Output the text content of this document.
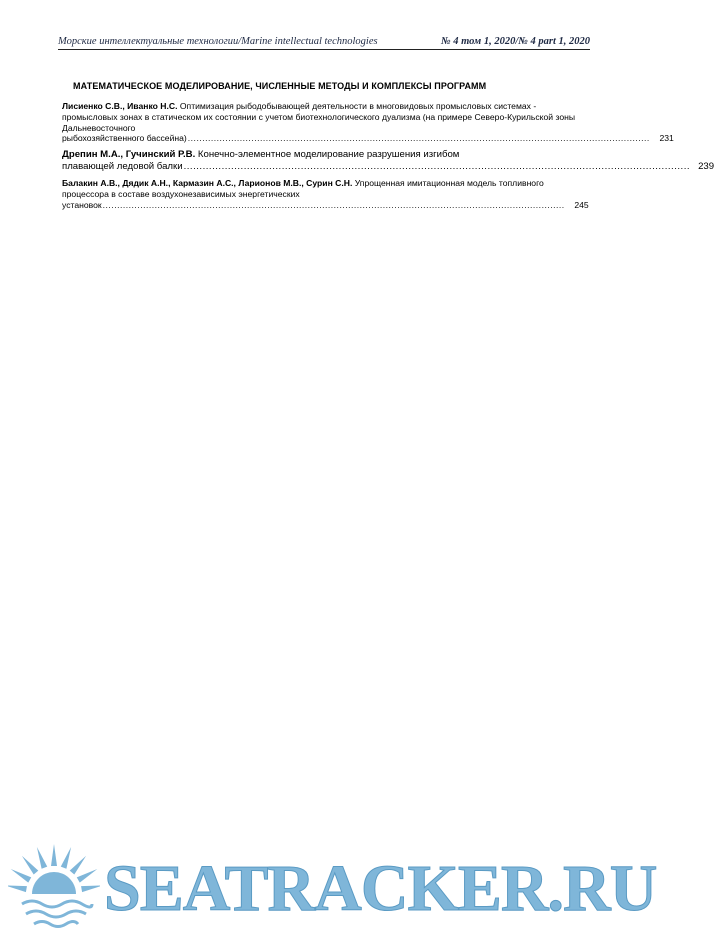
Морские интеллектуальные технологии/Marine intellectual technologies	№ 4 том 1, 2020/№ 4 part 1, 2020
МАТЕМАТИЧЕСКОЕ МОДЕЛИРОВАНИЕ, ЧИСЛЕННЫЕ МЕТОДЫ И КОМПЛЕКСЫ ПРОГРАММ
Лисиенко С.В., Иванко Н.С. Оптимизация рыбодобывающей деятельности в многовидовых промысловых системах - промысловых зонах в статическом их состоянии с учетом биотехнологического дуализма (на примере Северо-Курильской зоны Дальневосточного
рыбохозяйственного бассейна) ................................................................................................................................................................ 231
Дрепин М.А., Гучинский Р.В. Конечно-элементное моделирование разрушения изгибом
плавающей ледовой балки ................................................................................................................................................................ 239
Балакин А.В., Дядик А.Н., Кармазин А.С., Ларионов М.В., Сурин С.Н. Упрощенная имитационная модель топливного процессора в составе воздухонезависимых энергетических
установок ................................................................................................................................................................ 245
SEATRACKER.RU
